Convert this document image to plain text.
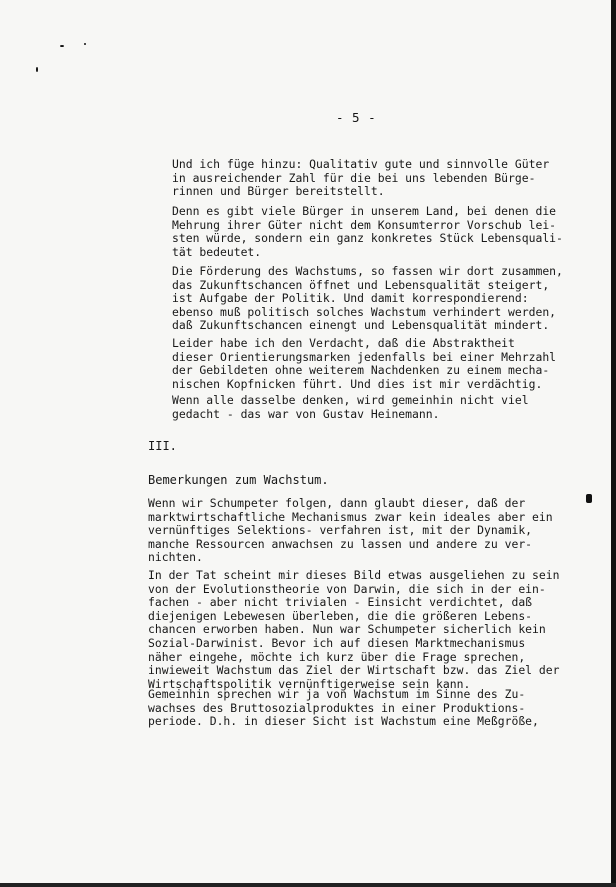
- 5 -

Und ich füge hinzu: Qualitativ gute und sinnvolle Güter
in ausreichender Zahl für die bei uns lebenden Bürge-
rinnen und Bürger bereitstellt.

Denn es gibt viele Bürger in unserem Land, bei denen die
Mehrung ihrer Güter nicht dem Konsumterror Vorschub lei-
sten würde, sondern ein ganz konkretes Stück Lebensquali-
tät bedeutet.

Die Förderung des Wachstums, so fassen wir dort zusammen,
das Zukunftschancen öffnet und Lebensqualität steigert,
ist Aufgabe der Politik. Und damit korrespondierend:
ebenso muß politisch solches Wachstum verhindert werden,
daß Zukunftschancen einengt und Lebensqualität mindert.

Leider habe ich den Verdacht, daß die Abstraktheit
dieser Orientierungsmarken jedenfalls bei einer Mehrzahl
der Gebildeten ohne weiterem Nachdenken zu einem mecha-
nischen Kopfnicken führt. Und dies ist mir verdächtig.

Wenn alle dasselbe denken, wird gemeinhin nicht viel
gedacht - das war von Gustav Heinemann.

III.
Bemerkungen zum Wachstum.

Wenn wir Schumpeter folgen, dann glaubt dieser, daß der
marktwirtschaftliche Mechanismus zwar kein ideales aber ein
vernünftiges Selektions- verfahren ist, mit der Dynamik,
manche Ressourcen anwachsen zu lassen und andere zu ver-
nichten.

In der Tat scheint mir dieses Bild etwas ausgeliehen zu sein
von der Evolutionstheorie von Darwin, die sich in der ein-
fachen - aber nicht trivialen - Einsicht verdichtet, daß
diejenigen Lebewesen überleben, die die größeren Lebens-
chancen erworben haben. Nun war Schumpeter sicherlich kein
Sozial-Darwinist. Bevor ich auf diesen Marktmechanismus
näher eingehe, möchte ich kurz über die Frage sprechen,
inwieweit Wachstum das Ziel der Wirtschaft bzw. das Ziel der
Wirtschaftspolitik vernünftigerweise sein kann.

Gemeinhin sprechen wir ja von Wachstum im Sinne des Zu-
wachses des Bruttosozialproduktes in einer Produktions-
periode. D.h. in dieser Sicht ist Wachstum eine Meßgröße,
